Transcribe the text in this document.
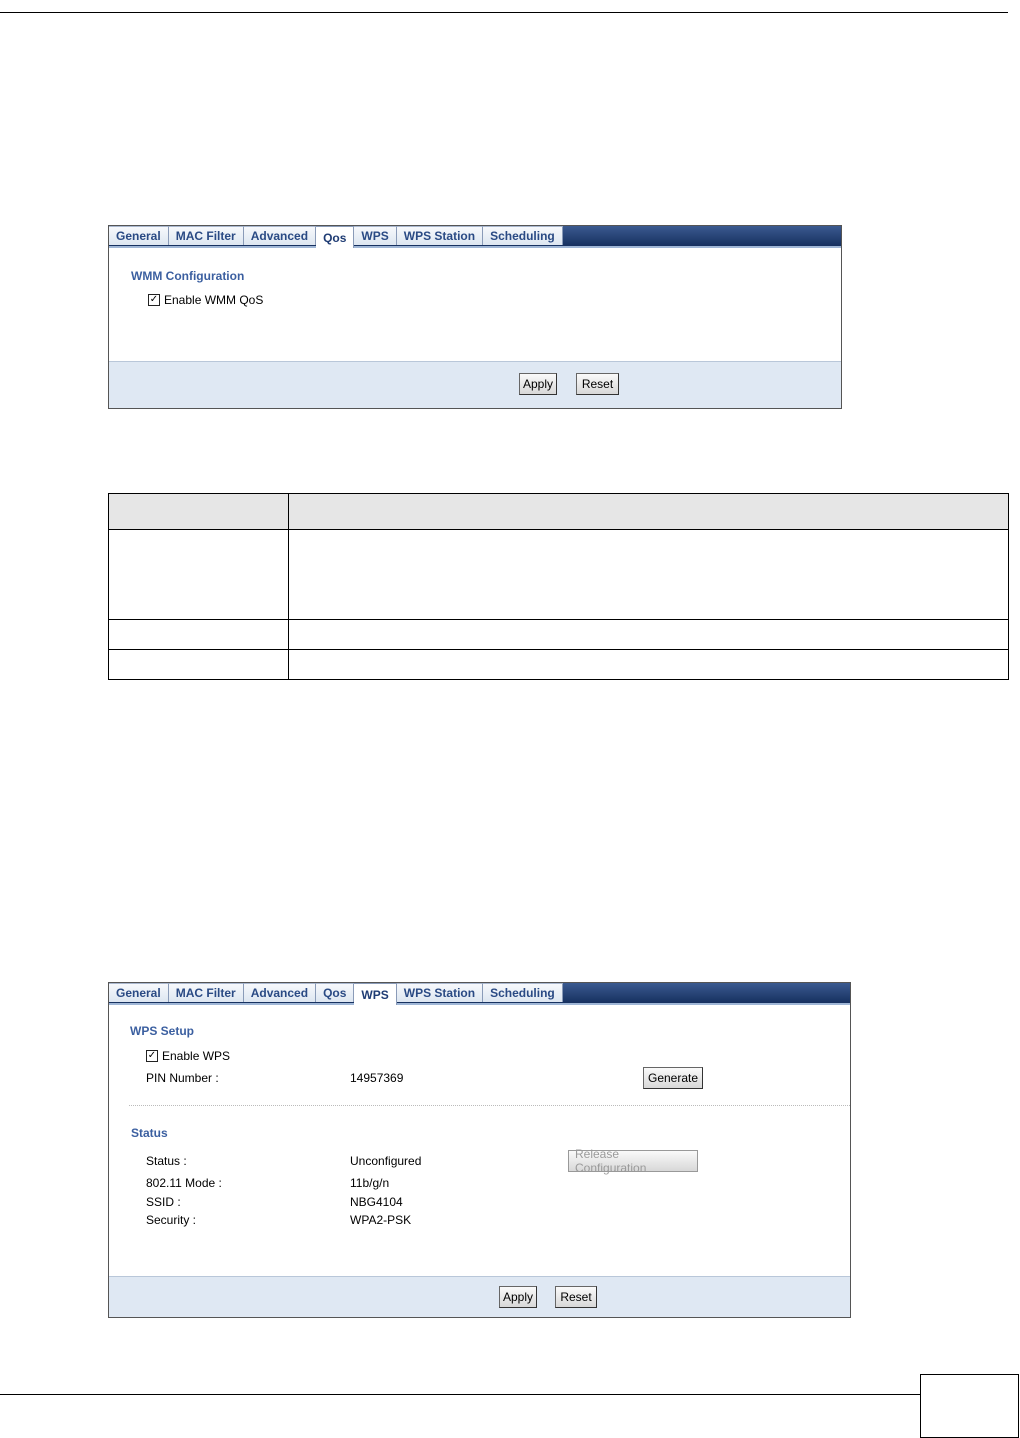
General	MAC Filter	Advanced	Qos	WPS	WPS Station	Scheduling
WMM Configuration
✓ Enable WMM QoS
Apply	Reset

General	MAC Filter	Advanced	Qos	WPS	WPS Station	Scheduling
WPS Setup
✓ Enable WPS
PIN Number :	14957369	Generate
Status
Status :	Unconfigured	Release Configuration
802.11 Mode :	11b/g/n
SSID :	NBG4104
Security :	WPA2-PSK
Apply	Reset
